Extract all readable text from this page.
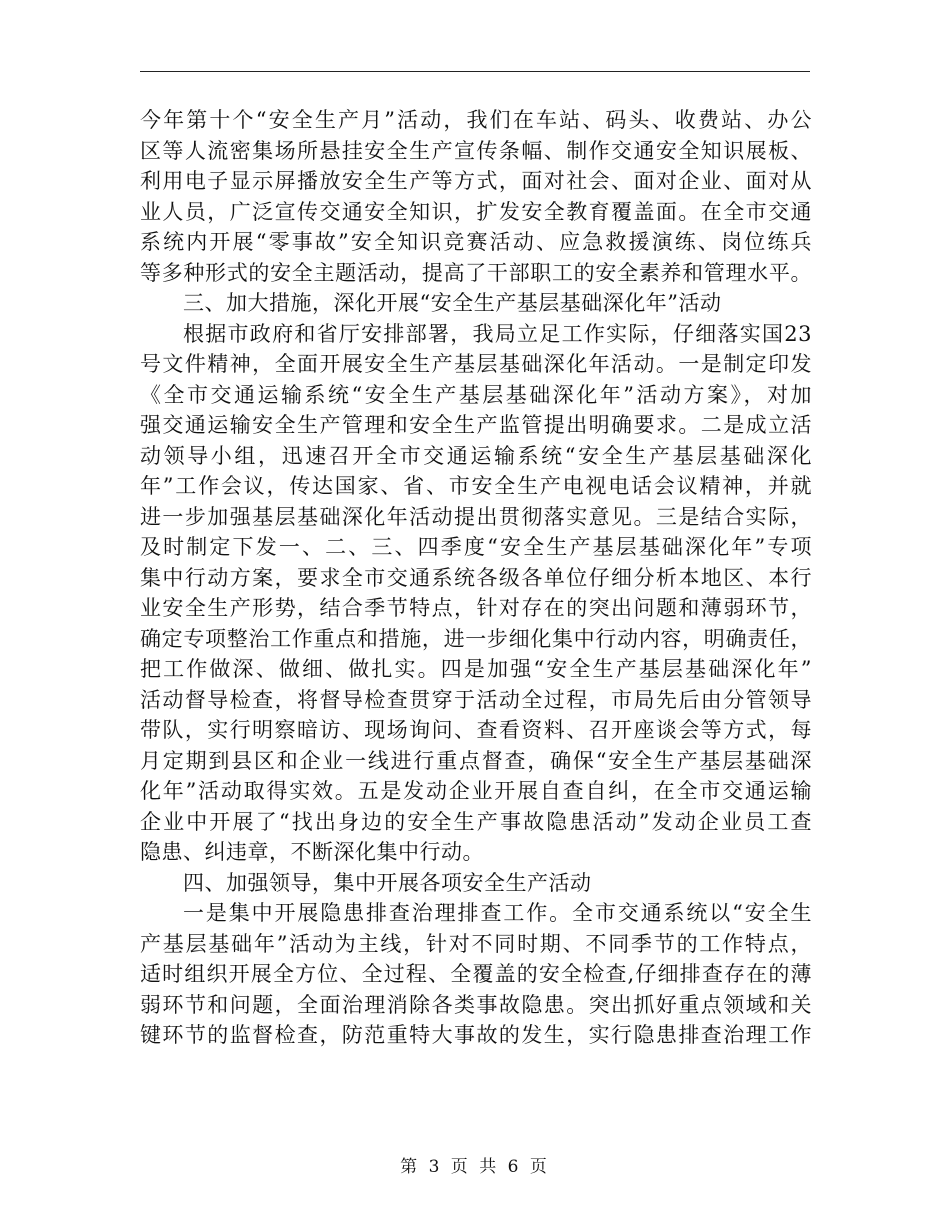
今年第十个“安全生产月”活动，我们在车站、码头、收费站、办公
区等人流密集场所悬挂安全生产宣传条幅、制作交通安全知识展板、
利用电子显示屏播放安全生产等方式，面对社会、面对企业、面对从
业人员，广泛宣传交通安全知识，扩发安全教育覆盖面。在全市交通
系统内开展“零事故”安全知识竞赛活动、应急救援演练、岗位练兵
等多种形式的安全主题活动，提高了干部职工的安全素养和管理水平。
三、加大措施，深化开展“安全生产基层基础深化年”活动
根据市政府和省厅安排部署，我局立足工作实际，仔细落实国23
号文件精神，全面开展安全生产基层基础深化年活动。一是制定印发
《全市交通运输系统“安全生产基层基础深化年”活动方案》，对加
强交通运输安全生产管理和安全生产监管提出明确要求。二是成立活
动领导小组，迅速召开全市交通运输系统“安全生产基层基础深化
年”工作会议，传达国家、省、市安全生产电视电话会议精神，并就
进一步加强基层基础深化年活动提出贯彻落实意见。三是结合实际，
及时制定下发一、二、三、四季度“安全生产基层基础深化年”专项
集中行动方案，要求全市交通系统各级各单位仔细分析本地区、本行
业安全生产形势，结合季节特点，针对存在的突出问题和薄弱环节，
确定专项整治工作重点和措施，进一步细化集中行动内容，明确责任，
把工作做深、做细、做扎实。四是加强“安全生产基层基础深化年”
活动督导检查，将督导检查贯穿于活动全过程，市局先后由分管领导
带队，实行明察暗访、现场询问、查看资料、召开座谈会等方式，每
月定期到县区和企业一线进行重点督查，确保“安全生产基层基础深
化年”活动取得实效。五是发动企业开展自查自纠，在全市交通运输
企业中开展了“找出身边的安全生产事故隐患活动”发动企业员工查
隐患、纠违章，不断深化集中行动。
四、加强领导，集中开展各项安全生产活动
一是集中开展隐患排查治理排查工作。全市交通系统以“安全生
产基层基础年”活动为主线，针对不同时期、不同季节的工作特点，
适时组织开展全方位、全过程、全覆盖的安全检查,仔细排查存在的薄
弱环节和问题，全面治理消除各类事故隐患。突出抓好重点领域和关
键环节的监督检查，防范重特大事故的发生，实行隐患排查治理工作
第 3 页 共 6 页
